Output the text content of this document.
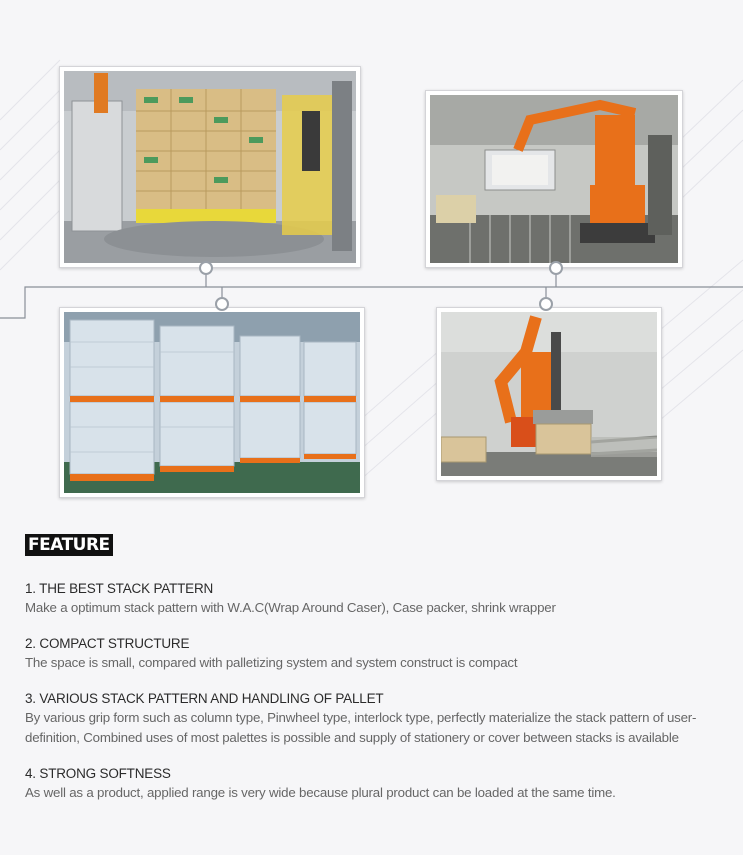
FEATURE
1. THE BEST STACK PATTERN
Make a optimum stack pattern with W.A.C(Wrap Around Caser), Case packer, shrink wrapper
2. COMPACT STRUCTURE
The space is small, compared with palletizing system and system construct is compact
3. VARIOUS STACK PATTERN AND HANDLING OF PALLET
By various grip form such as column type, Pinwheel type, interlock type, perfectly materialize the stack pattern of user-definition, Combined uses of most palettes is possible and supply of stationery or cover between stacks is available
4. STRONG SOFTNESS
As well as a product, applied range is very wide because plural product can be loaded at the same time.
